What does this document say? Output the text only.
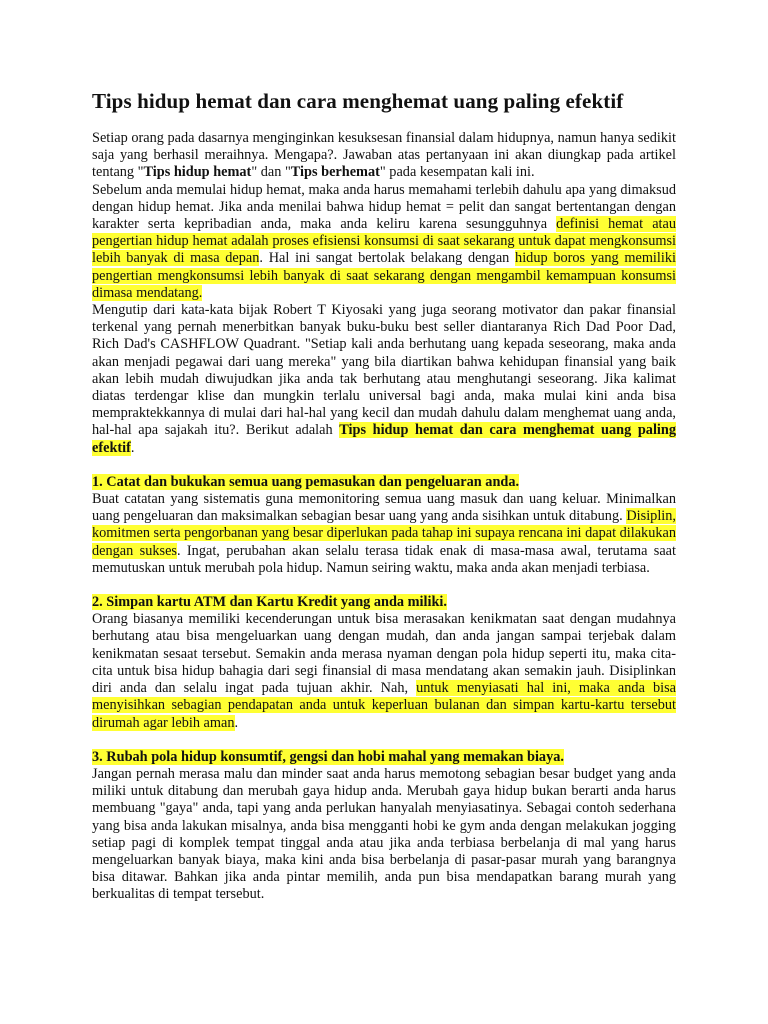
Tips hidup hemat dan cara menghemat uang paling efektif

Setiap orang pada dasarnya menginginkan kesuksesan finansial dalam hidupnya, namun hanya sedikit saja yang berhasil meraihnya. Mengapa?. Jawaban atas pertanyaan ini akan diungkap pada artikel tentang "Tips hidup hemat" dan "Tips berhemat" pada kesempatan kali ini.

Sebelum anda memulai hidup hemat, maka anda harus memahami terlebih dahulu apa yang dimaksud dengan hidup hemat. Jika anda menilai bahwa hidup hemat = pelit dan sangat bertentangan dengan karakter serta kepribadian anda, maka anda keliru karena sesungguhnya definisi hemat atau pengertian hidup hemat adalah proses efisiensi konsumsi di saat sekarang untuk dapat mengkonsumsi lebih banyak di masa depan. Hal ini sangat bertolak belakang dengan hidup boros yang memiliki pengertian mengkonsumsi lebih banyak di saat sekarang dengan mengambil kemampuan konsumsi dimasa mendatang.

Mengutip dari kata-kata bijak Robert T Kiyosaki yang juga seorang motivator dan pakar finansial terkenal yang pernah menerbitkan banyak buku-buku best seller diantaranya Rich Dad Poor Dad, Rich Dad's CASHFLOW Quadrant. "Setiap kali anda berhutang uang kepada seseorang, maka anda akan menjadi pegawai dari uang mereka" yang bila diartikan bahwa kehidupan finansial yang baik akan lebih mudah diwujudkan jika anda tak berhutang atau menghutangi seseorang. Jika kalimat diatas terdengar klise dan mungkin terlalu universal bagi anda, maka mulai kini anda bisa mempraktekkannya di mulai dari hal-hal yang kecil dan mudah dahulu dalam menghemat uang anda, hal-hal apa sajakah itu?. Berikut adalah Tips hidup hemat dan cara menghemat uang paling efektif.

1. Catat dan bukukan semua uang pemasukan dan pengeluaran anda.

Buat catatan yang sistematis guna memonitoring semua uang masuk dan uang keluar. Minimalkan uang pengeluaran dan maksimalkan sebagian besar uang yang anda sisihkan untuk ditabung. Disiplin, komitmen serta pengorbanan yang besar diperlukan pada tahap ini supaya rencana ini dapat dilakukan dengan sukses. Ingat, perubahan akan selalu terasa tidak enak di masa-masa awal, terutama saat memutuskan untuk merubah pola hidup. Namun seiring waktu, maka anda akan menjadi terbiasa.

2. Simpan kartu ATM dan Kartu Kredit yang anda miliki.

Orang biasanya memiliki kecenderungan untuk bisa merasakan kenikmatan saat dengan mudahnya berhutang atau bisa mengeluarkan uang dengan mudah, dan anda jangan sampai terjebak dalam kenikmatan sesaat tersebut. Semakin anda merasa nyaman dengan pola hidup seperti itu, maka cita-cita untuk bisa hidup bahagia dari segi finansial di masa mendatang akan semakin jauh. Disiplinkan diri anda dan selalu ingat pada tujuan akhir. Nah, untuk menyiasati hal ini, maka anda bisa menyisihkan sebagian pendapatan anda untuk keperluan bulanan dan simpan kartu-kartu tersebut dirumah agar lebih aman.

3. Rubah pola hidup konsumtif, gengsi dan hobi mahal yang memakan biaya.

Jangan pernah merasa malu dan minder saat anda harus memotong sebagian besar budget yang anda miliki untuk ditabung dan merubah gaya hidup anda. Merubah gaya hidup bukan berarti anda harus membuang "gaya" anda, tapi yang anda perlukan hanyalah menyiasatinya. Sebagai contoh sederhana yang bisa anda lakukan misalnya, anda bisa mengganti hobi ke gym anda dengan melakukan jogging setiap pagi di komplek tempat tinggal anda atau jika anda terbiasa berbelanja di mal yang harus mengeluarkan banyak biaya, maka kini anda bisa berbelanja di pasar-pasar murah yang barangnya bisa ditawar. Bahkan jika anda pintar memilih, anda pun bisa mendapatkan barang murah yang berkualitas di tempat tersebut.
